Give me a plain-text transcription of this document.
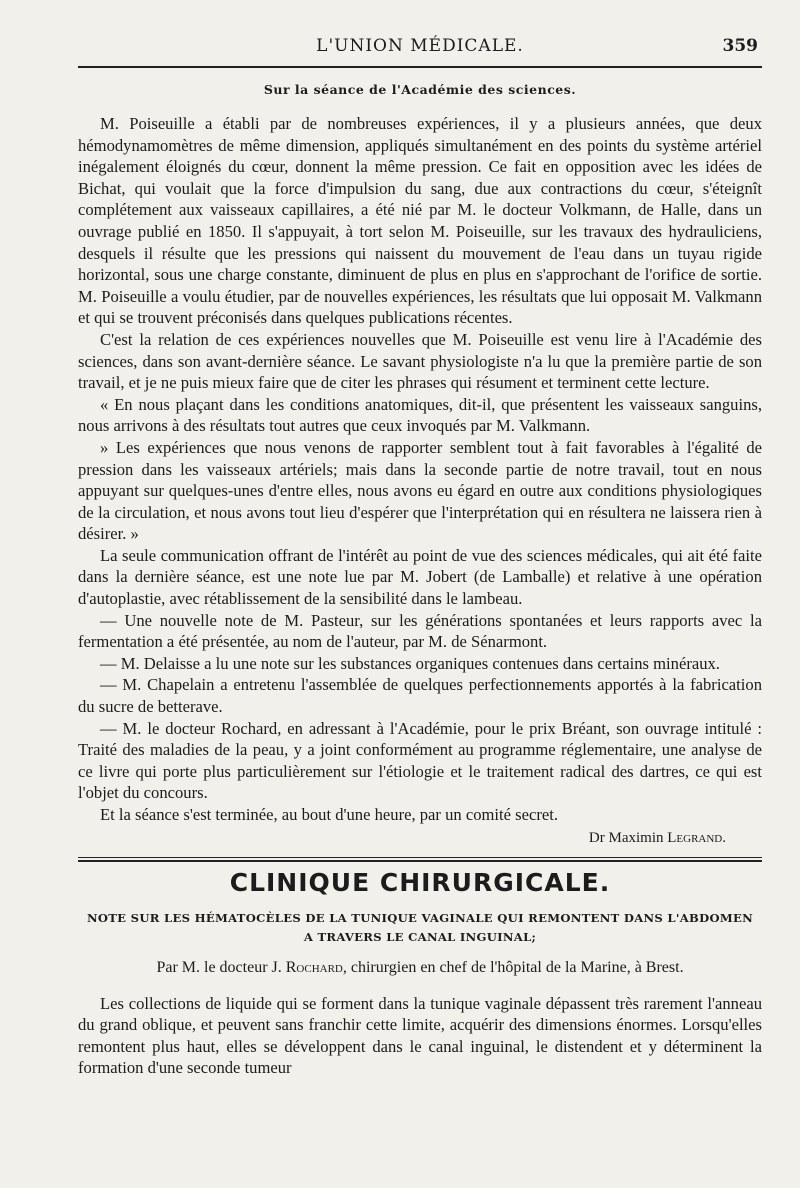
L'UNION MÉDICALE.	359
Sur la séance de l'Académie des sciences.

M. Poiseuille a établi par de nombreuses expériences, il y a plusieurs années, que deux hémodynamomètres de même dimension, appliqués simultanément en des points du système artériel inégalement éloignés du cœur, donnent la même pression. Ce fait en opposition avec les idées de Bichat, qui voulait que la force d'impulsion du sang, due aux contractions du cœur, s'éteignît complétement aux vaisseaux capillaires, a été nié par M. le docteur Volkmann, de Halle, dans un ouvrage publié en 1850. Il s'appuyait, à tort selon M. Poiseuille, sur les travaux des hydrauliciens, desquels il résulte que les pressions qui naissent du mouvement de l'eau dans un tuyau rigide horizontal, sous une charge constante, diminuent de plus en plus en s'approchant de l'orifice de sortie. M. Poiseuille a voulu étudier, par de nouvelles expériences, les résultats que lui opposait M. Valkmann et qui se trouvent préconisés dans quelques publications récentes.

C'est la relation de ces expériences nouvelles que M. Poiseuille est venu lire à l'Académie des sciences, dans son avant-dernière séance. Le savant physiologiste n'a lu que la première partie de son travail, et je ne puis mieux faire que de citer les phrases qui résument et terminent cette lecture.

« En nous plaçant dans les conditions anatomiques, dit-il, que présentent les vaisseaux sanguins, nous arrivons à des résultats tout autres que ceux invoqués par M. Valkmann.

» Les expériences que nous venons de rapporter semblent tout à fait favorables à l'égalité de pression dans les vaisseaux artériels; mais dans la seconde partie de notre travail, tout en nous appuyant sur quelques-unes d'entre elles, nous avons eu égard en outre aux conditions physiologiques de la circulation, et nous avons tout lieu d'espérer que l'interprétation qui en résultera ne laissera rien à désirer. »

La seule communication offrant de l'intérêt au point de vue des sciences médicales, qui ait été faite dans la dernière séance, est une note lue par M. Jobert (de Lamballe) et relative à une opération d'autoplastie, avec rétablissement de la sensibilité dans le lambeau.

— Une nouvelle note de M. Pasteur, sur les générations spontanées et leurs rapports avec la fermentation a été présentée, au nom de l'auteur, par M. de Sénarmont.

— M. Delaisse a lu une note sur les substances organiques contenues dans certains minéraux.

— M. Chapelain a entretenu l'assemblée de quelques perfectionnements apportés à la fabrication du sucre de betterave.

— M. le docteur Rochard, en adressant à l'Académie, pour le prix Bréant, son ouvrage intitulé : Traité des maladies de la peau, y a joint conformément au programme réglementaire, une analyse de ce livre qui porte plus particulièrement sur l'étiologie et le traitement radical des dartres, ce qui est l'objet du concours.

Et la séance s'est terminée, au bout d'une heure, par un comité secret.

Dr Maximin Legrand.
CLINIQUE CHIRURGICALE.
NOTE SUR LES HÉMATOCÈLES DE LA TUNIQUE VAGINALE QUI REMONTENT DANS L'ABDOMEN
A TRAVERS LE CANAL INGUINAL;
Par M. le docteur J. Rochard, chirurgien en chef de l'hôpital de la Marine, à Brest.

Les collections de liquide qui se forment dans la tunique vaginale dépassent très rarement l'anneau du grand oblique, et peuvent sans franchir cette limite, acquérir des dimensions énormes. Lorsqu'elles remontent plus haut, elles se développent dans le canal inguinal, le distendent et y déterminent la formation d'une seconde tumeur
